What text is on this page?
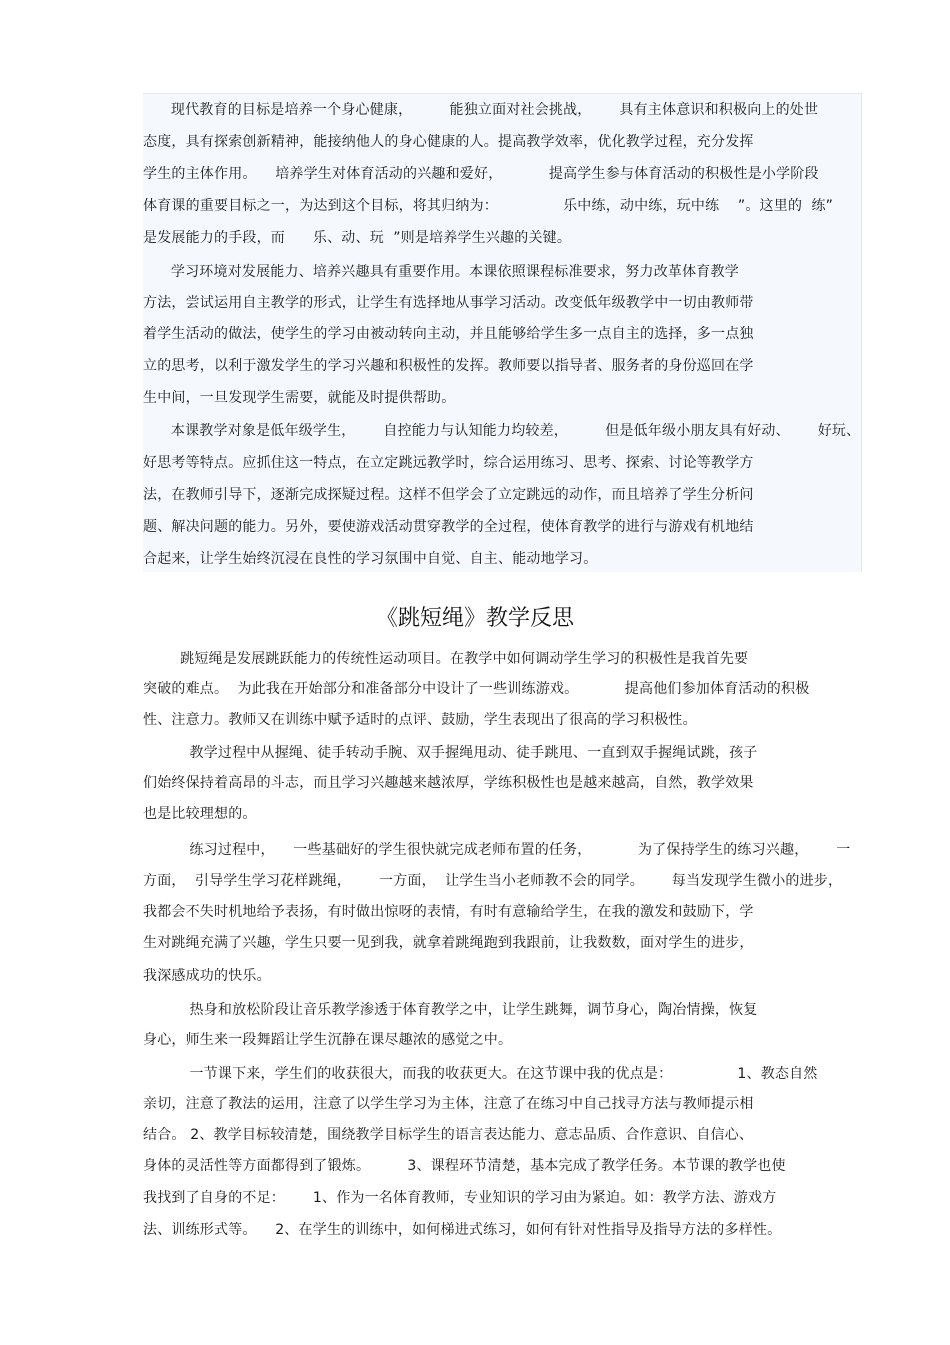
现代教育的目标是培养一个身心健康，        能独立面对社会挑战，      具有主体意识和积极向上的处世
态度，具有探索创新精神，能接纳他人的身心健康的人。提高教学效率，优化教学过程，充分发挥
学生的主体作用。    培养学生对体育活动的兴趣和爱好，          提高学生参与体育活动的积极性是小学阶段
体育课的重要目标之一，为达到这个目标，将其归纳为：              乐中练，动中练，玩中练    ”。这里的  练”
是发展能力的手段，而      乐、动、玩  ”则是培养学生兴趣的关键。
学习环境对发展能力、培养兴趣具有重要作用。本课依照课程标准要求，努力改革体育教学
方法，尝试运用自主教学的形式，让学生有选择地从事学习活动。改变低年级教学中一切由教师带
着学生活动的做法，使学生的学习由被动转向主动，并且能够给学生多一点自主的选择，多一点独
立的思考，以利于激发学生的学习兴趣和积极性的发挥。教师要以指导者、服务者的身份巡回在学
生中间，一旦发现学生需要，就能及时提供帮助。
本课教学对象是低年级学生，      自控能力与认知能力均较差，        但是低年级小朋友具有好动、      好玩、
好思考等特点。应抓住这一特点，在立定跳远教学时，综合运用练习、思考、探索、讨论等教学方
法，在教师引导下，逐渐完成探疑过程。这样不但学会了立定跳远的动作，而且培养了学生分析问
题、解决问题的能力。另外，要使游戏活动贯穿教学的全过程，使体育教学的进行与游戏有机地结
合起来，让学生始终沉浸在良性的学习氛围中自觉、自主、能动地学习。
《跳短绳》教学反思
跳短绳是发展跳跃能力的传统性运动项目。在教学中如何调动学生学习的积极性是我首先要
突破的难点。  为此我在开始部分和准备部分中设计了一些训练游戏。          提高他们参加体育活动的积极
性、注意力。教师又在训练中赋予适时的点评、鼓励，学生表现出了很高的学习积极性。
教学过程中从握绳、徒手转动手腕、双手握绳甩动、徒手跳甩、一直到双手握绳试跳，孩子
们始终保持着高昂的斗志，而且学习兴趣越来越浓厚，学练积极性也是越来越高，自然，教学效果
也是比较理想的。
练习过程中，    一些基础好的学生很快就完成老师布置的任务，          为了保持学生的练习兴趣，      一
方面，  引导学生学习花样跳绳，      一方面，  让学生当小老师教不会的同学。      每当发现学生微小的进步，
我都会不失时机地给予表扬，有时做出惊呀的表情，有时有意输给学生，在我的激发和鼓励下，学
生对跳绳充满了兴趣，学生只要一见到我，就拿着跳绳跑到我跟前，让我数数，面对学生的进步，
我深感成功的快乐。
热身和放松阶段让音乐教学渗透于体育教学之中，让学生跳舞，调节身心，陶冶情操，恢复
身心，师生来一段舞蹈让学生沉静在课尽趣浓的感觉之中。
一节课下来，学生们的收获很大，而我的收获更大。在这节课中我的优点是：              1、教态自然
亲切，注意了教法的运用，注意了以学生学习为主体，注意了在练习中自己找寻方法与教师提示相
结合。 2、教学目标较清楚，围绕教学目标学生的语言表达能力、意志品质、合作意识、自信心、
身体的灵活性等方面都得到了锻炼。        3、课程环节清楚，基本完成了教学任务。本节课的教学也使
我找到了自身的不足：      1、作为一名体育教师，专业知识的学习由为紧迫。如：教学方法、游戏方
法、训练形式等。    2、在学生的训练中，如何梯进式练习，如何有针对性指导及指导方法的多样性。
